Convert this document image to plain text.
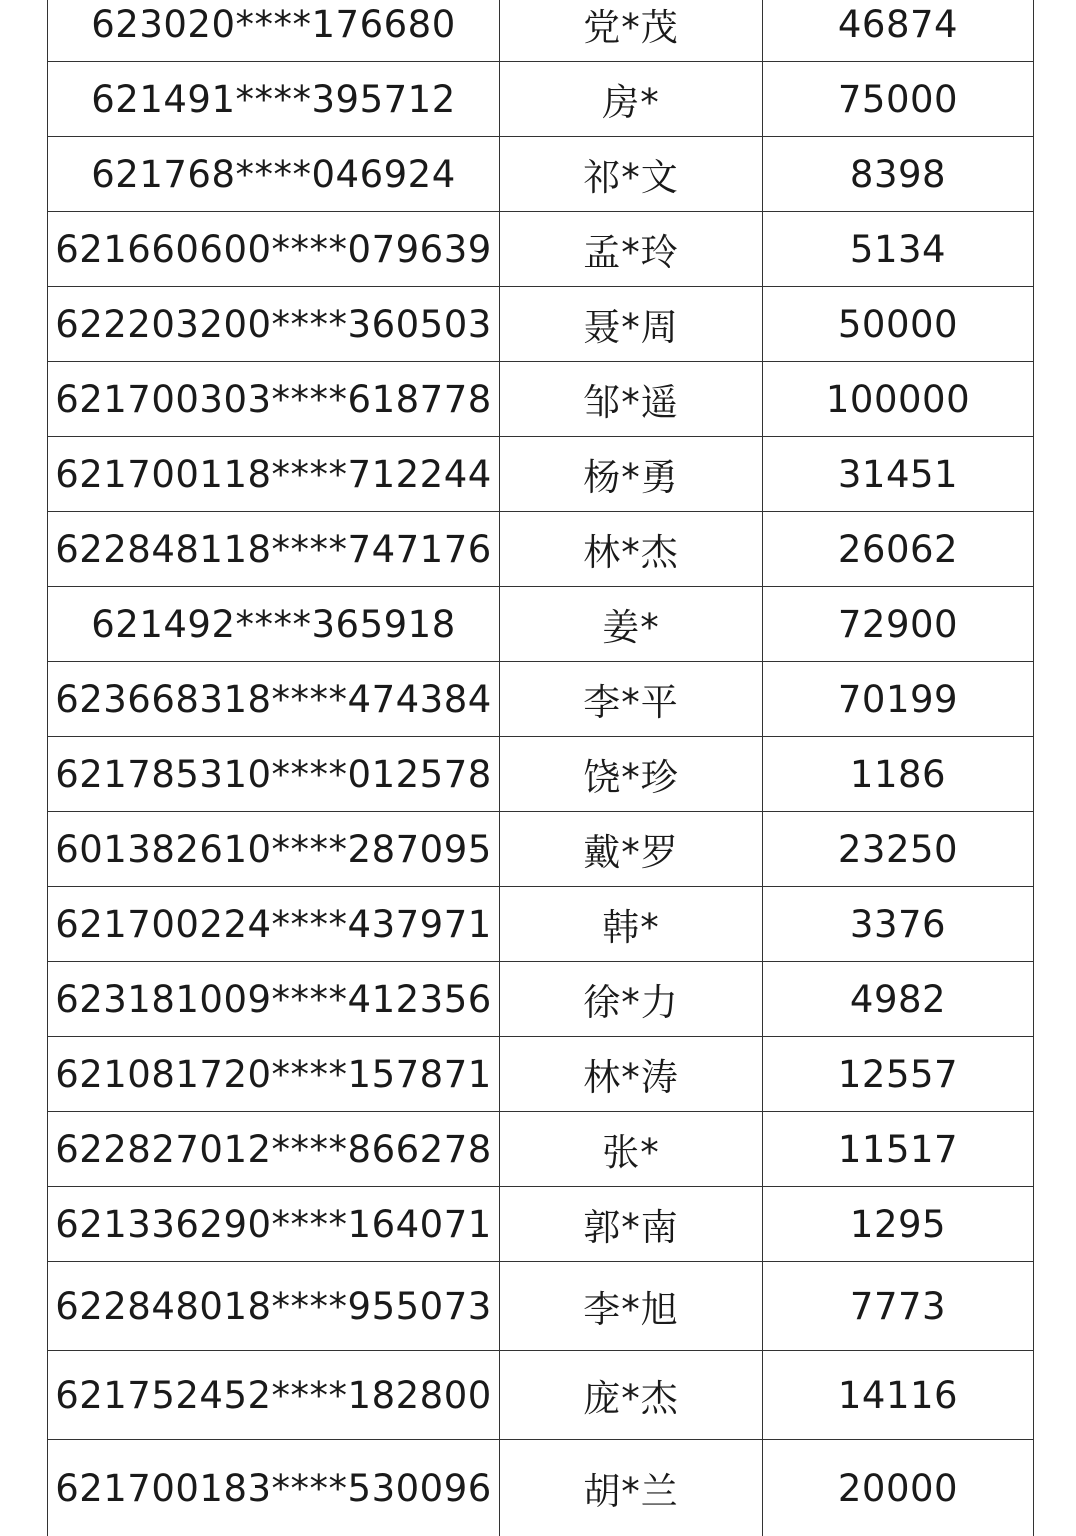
623020****176680	党*茂	46874
621491****395712	房*	75000
621768****046924	祁*文	8398
621660600****079639	孟*玲	5134
622203200****360503	聂*周	50000
621700303****618778	邹*遥	100000
621700118****712244	杨*勇	31451
622848118****747176	林*杰	26062
621492****365918	姜*	72900
623668318****474384	李*平	70199
621785310****012578	饶*珍	1186
601382610****287095	戴*罗	23250
621700224****437971	韩*	3376
623181009****412356	徐*力	4982
621081720****157871	林*涛	12557
622827012****866278	张*	11517
621336290****164071	郭*南	1295
622848018****955073	李*旭	7773
621752452****182800	庞*杰	14116
621700183****530096	胡*兰	20000
